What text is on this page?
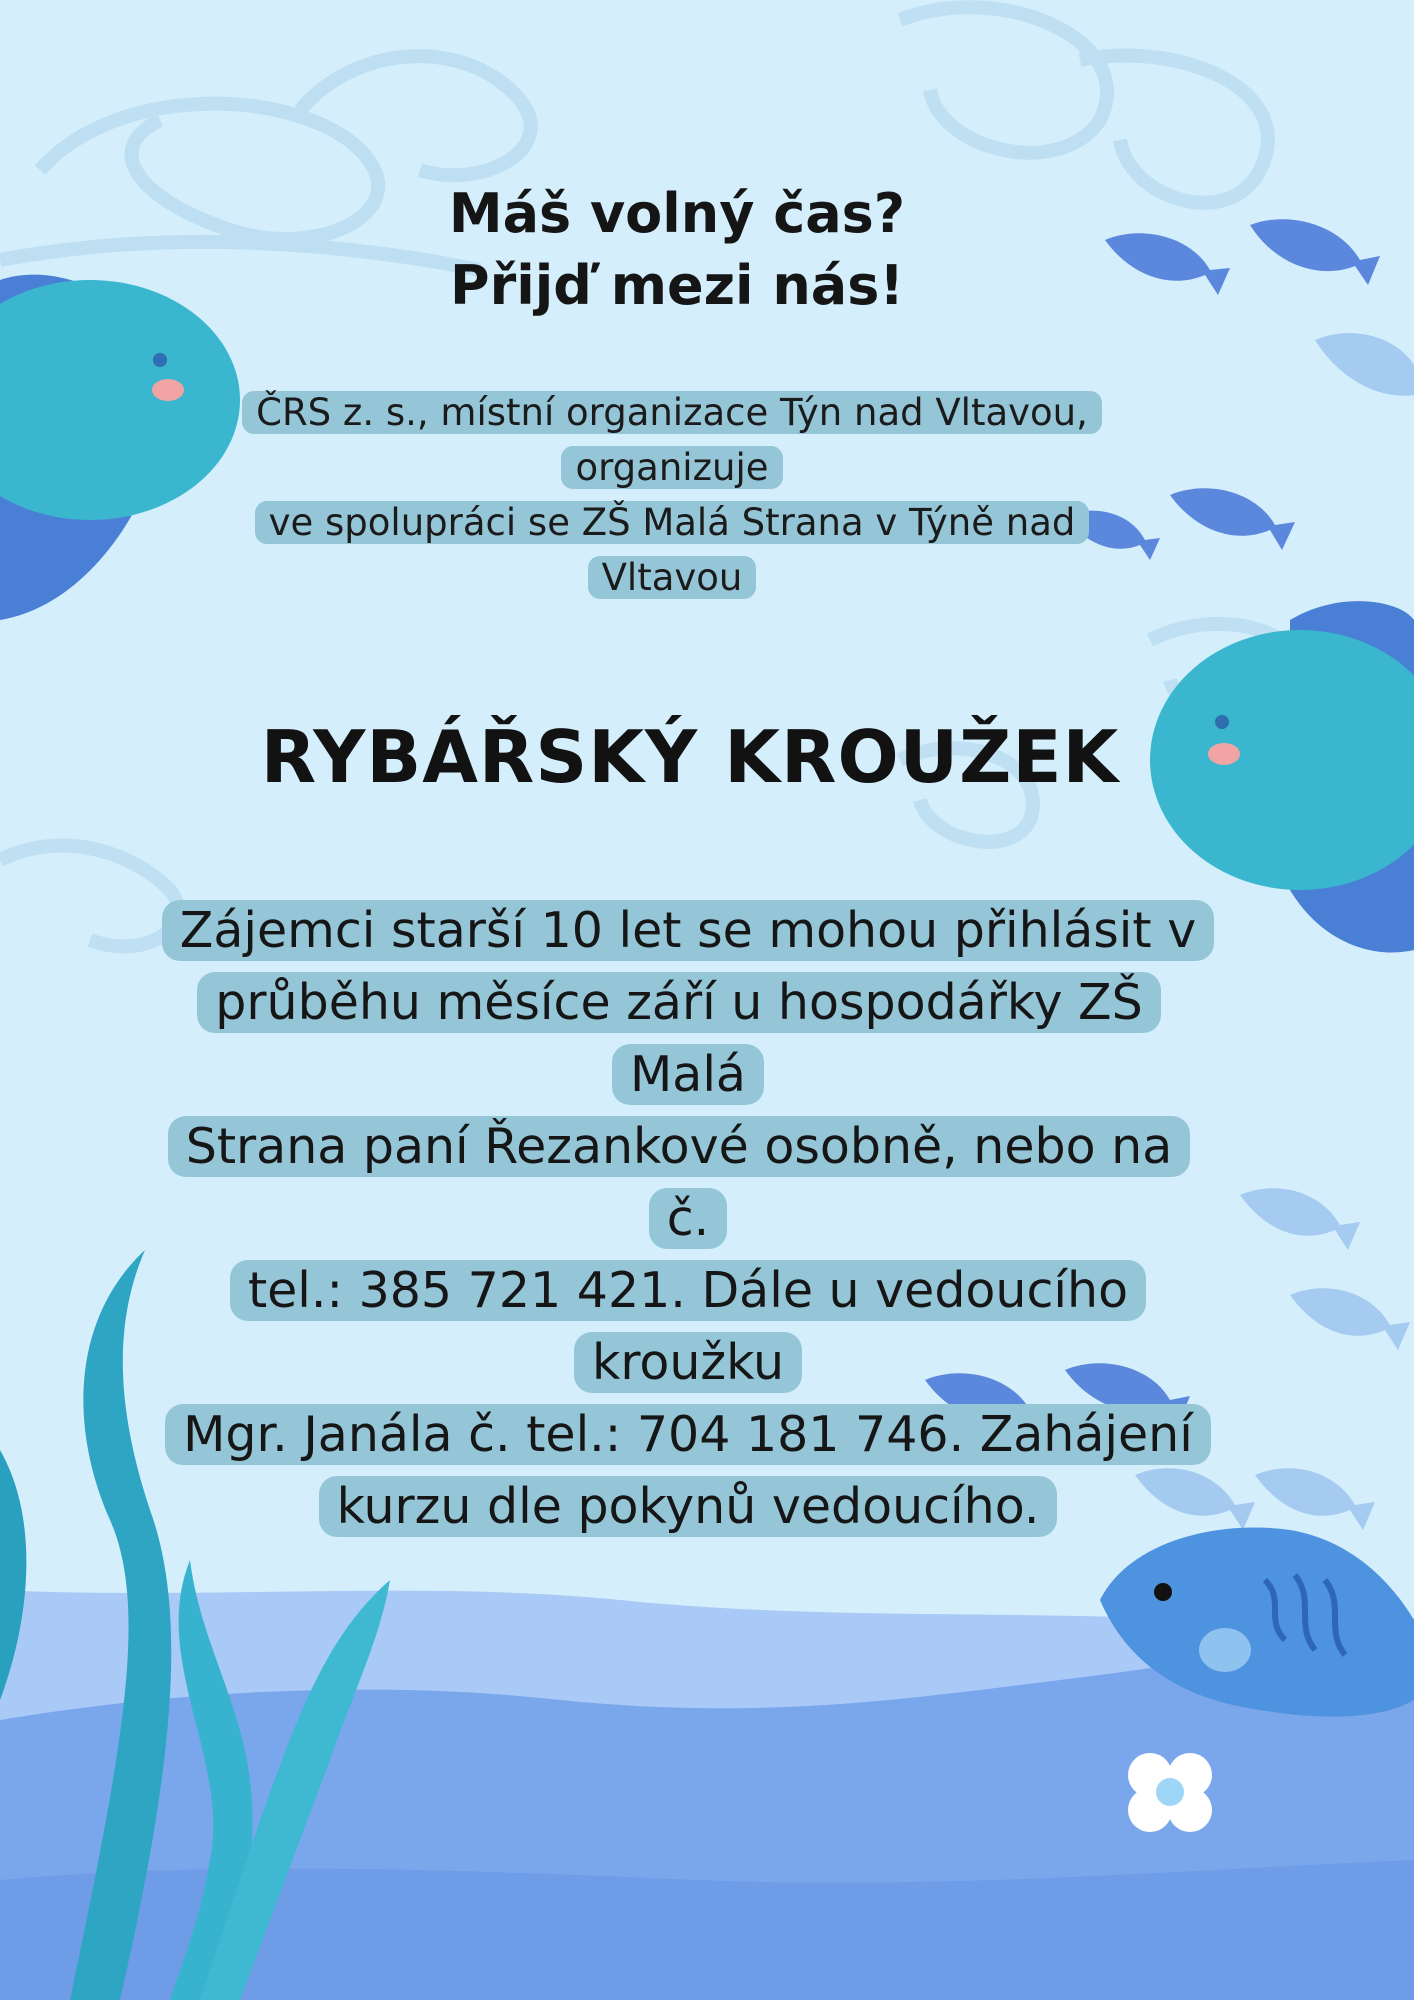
Máš volný čas?
Přijď mezi nás!
ČRS z. s., místní organizace Týn nad Vltavou,
organizuje
ve spolupráci se ZŠ Malá Strana v Týně nad
Vltavou
RYBÁŘSKÝ KROUŽEK
Zájemci starší 10 let se mohou přihlásit v
průběhu měsíce září u hospodářky ZŠ Malá
Strana paní Řezankové osobně, nebo na č.
tel.: 385 721 421. Dále u vedoucího kroužku
Mgr. Janála č. tel.: 704 181 746. Zahájení
kurzu dle pokynů vedoucího.
